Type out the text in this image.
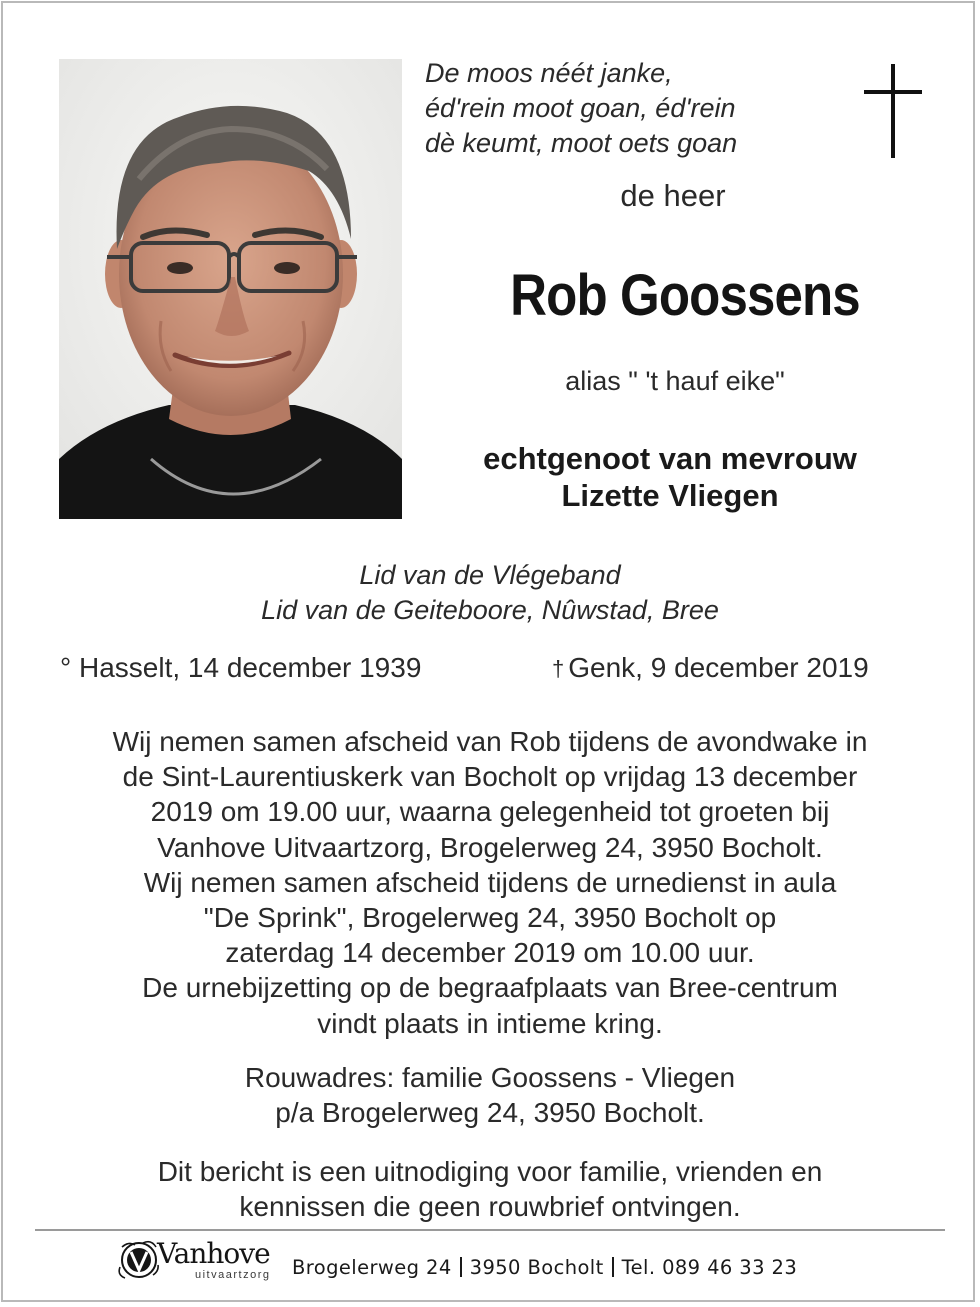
De moos néét janke,
éd'rein moot goan, éd'rein
dè keumt, moot oets goan
de heer
Rob Goossens
alias " 't hauf eike"
echtgenoot van mevrouw
Lizette Vliegen
Lid van de Vlégeband
Lid van de Geiteboore, Nûwstad, Bree
° Hasselt, 14 december 1939	† Genk, 9 december 2019
Wij nemen samen afscheid van Rob tijdens de avondwake in
de Sint-Laurentiuskerk van Bocholt op vrijdag 13 december
2019 om 19.00 uur, waarna gelegenheid tot groeten bij
Vanhove Uitvaartzorg, Brogelerweg 24, 3950 Bocholt.
Wij nemen samen afscheid tijdens de urnedienst in aula
"De Sprink", Brogelerweg 24, 3950 Bocholt op
zaterdag 14 december 2019 om 10.00 uur.
De urnebijzetting op de begraafplaats van Bree-centrum
vindt plaats in intieme kring.
Rouwadres: familie Goossens - Vliegen
p/a Brogelerweg 24, 3950 Bocholt.
Dit bericht is een uitnodiging voor familie, vrienden en
kennissen die geen rouwbrief ontvingen.
Vanhove
uitvaartzorg Brogelerweg 24 3950 Bocholt Tel. 089 46 33 23
